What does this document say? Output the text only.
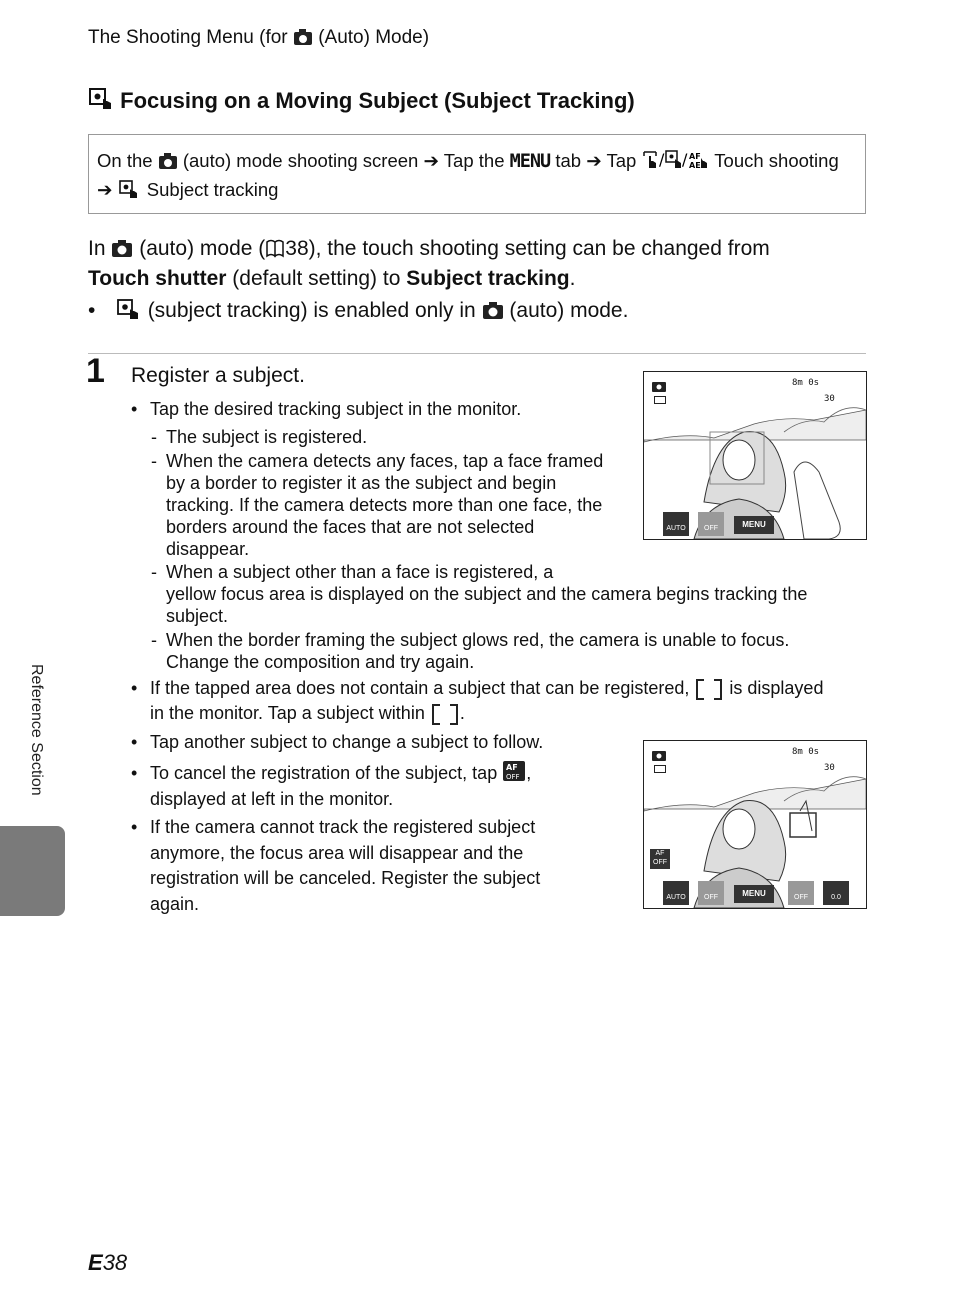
The Shooting Menu (for (Auto) Mode)
Focusing on a Moving Subject (Subject Tracking)
On the (auto) mode shooting screen ➔ Tap the MENU tab ➔ Tap / / AF
AE Touch shooting ➔ Subject tracking
In (auto) mode ( 38), the touch shooting setting can be changed from
Touch shutter (default setting) to Subject tracking.
• (subject tracking) is enabled only in (auto) mode.
1 Register a subject.
• Tap the desired tracking subject in the monitor.
- The subject is registered.
- When the camera detects any faces, tap a face framed by a border to register it as the subject and begin tracking. If the camera detects more than one face, the borders around the faces that are not selected disappear.
- When a subject other than a face is registered, a
yellow focus area is displayed on the subject and the camera begins tracking the subject.
- When the border framing the subject glows red, the camera is unable to focus. Change the composition and try again.
• If the tapped area does not contain a subject that can be registered, is displayed
in the monitor. Tap a subject within .
• Tap another subject to change a subject to follow.
• To cancel the registration of the subject, tap AF
OFF ,
displayed at left in the monitor.
• If the camera cannot track the registered subject anymore, the focus area will disappear and the registration will be canceled. Register the subject again.
8m 0s
30
AUTO	OFF	MENU
8m 0s
30
AF
OFF
AUTO	OFF	MENU	OFF	0.0
Reference Section
E38
